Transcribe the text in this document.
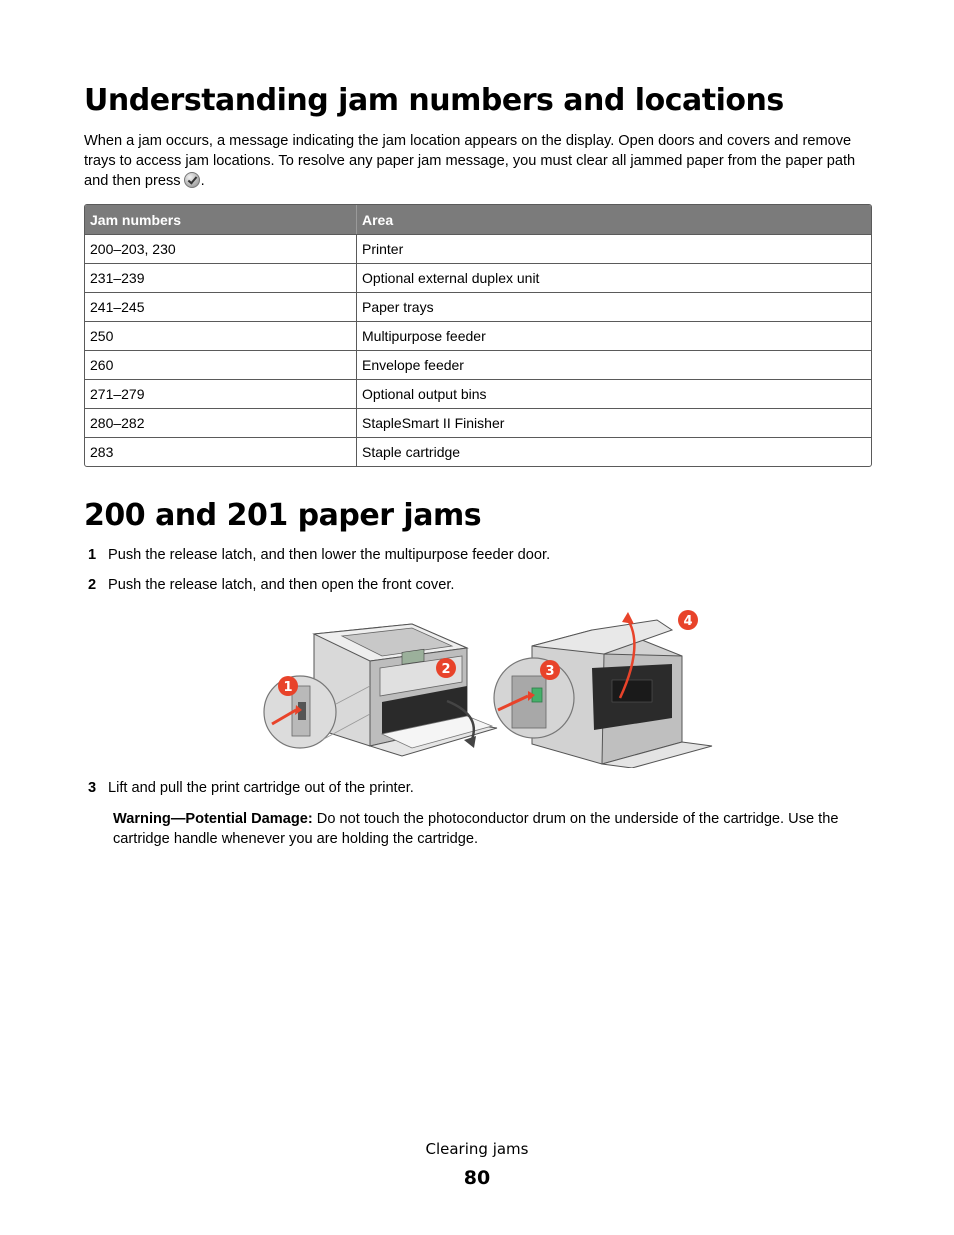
Understanding jam numbers and locations

When a jam occurs, a message indicating the jam location appears on the display. Open doors and covers and remove trays to access jam locations. To resolve any paper jam message, you must clear all jammed paper from the paper path and then press .

Jam numbers	Area
200–203, 230	Printer
231–239	Optional external duplex unit
241–245	Paper trays
250	Multipurpose feeder
260	Envelope feeder
271–279	Optional output bins
280–282	StapleSmart II Finisher
283	Staple cartridge
200 and 201 paper jams

1 Push the release latch, and then lower the multipurpose feeder door.

2 Push the release latch, and then open the front cover.

1
2	3
4

3 Lift and pull the print cartridge out of the printer.

Warning—Potential Damage: Do not touch the photoconductor drum on the underside of the cartridge. Use the cartridge handle whenever you are holding the cartridge.

Clearing jams

80
